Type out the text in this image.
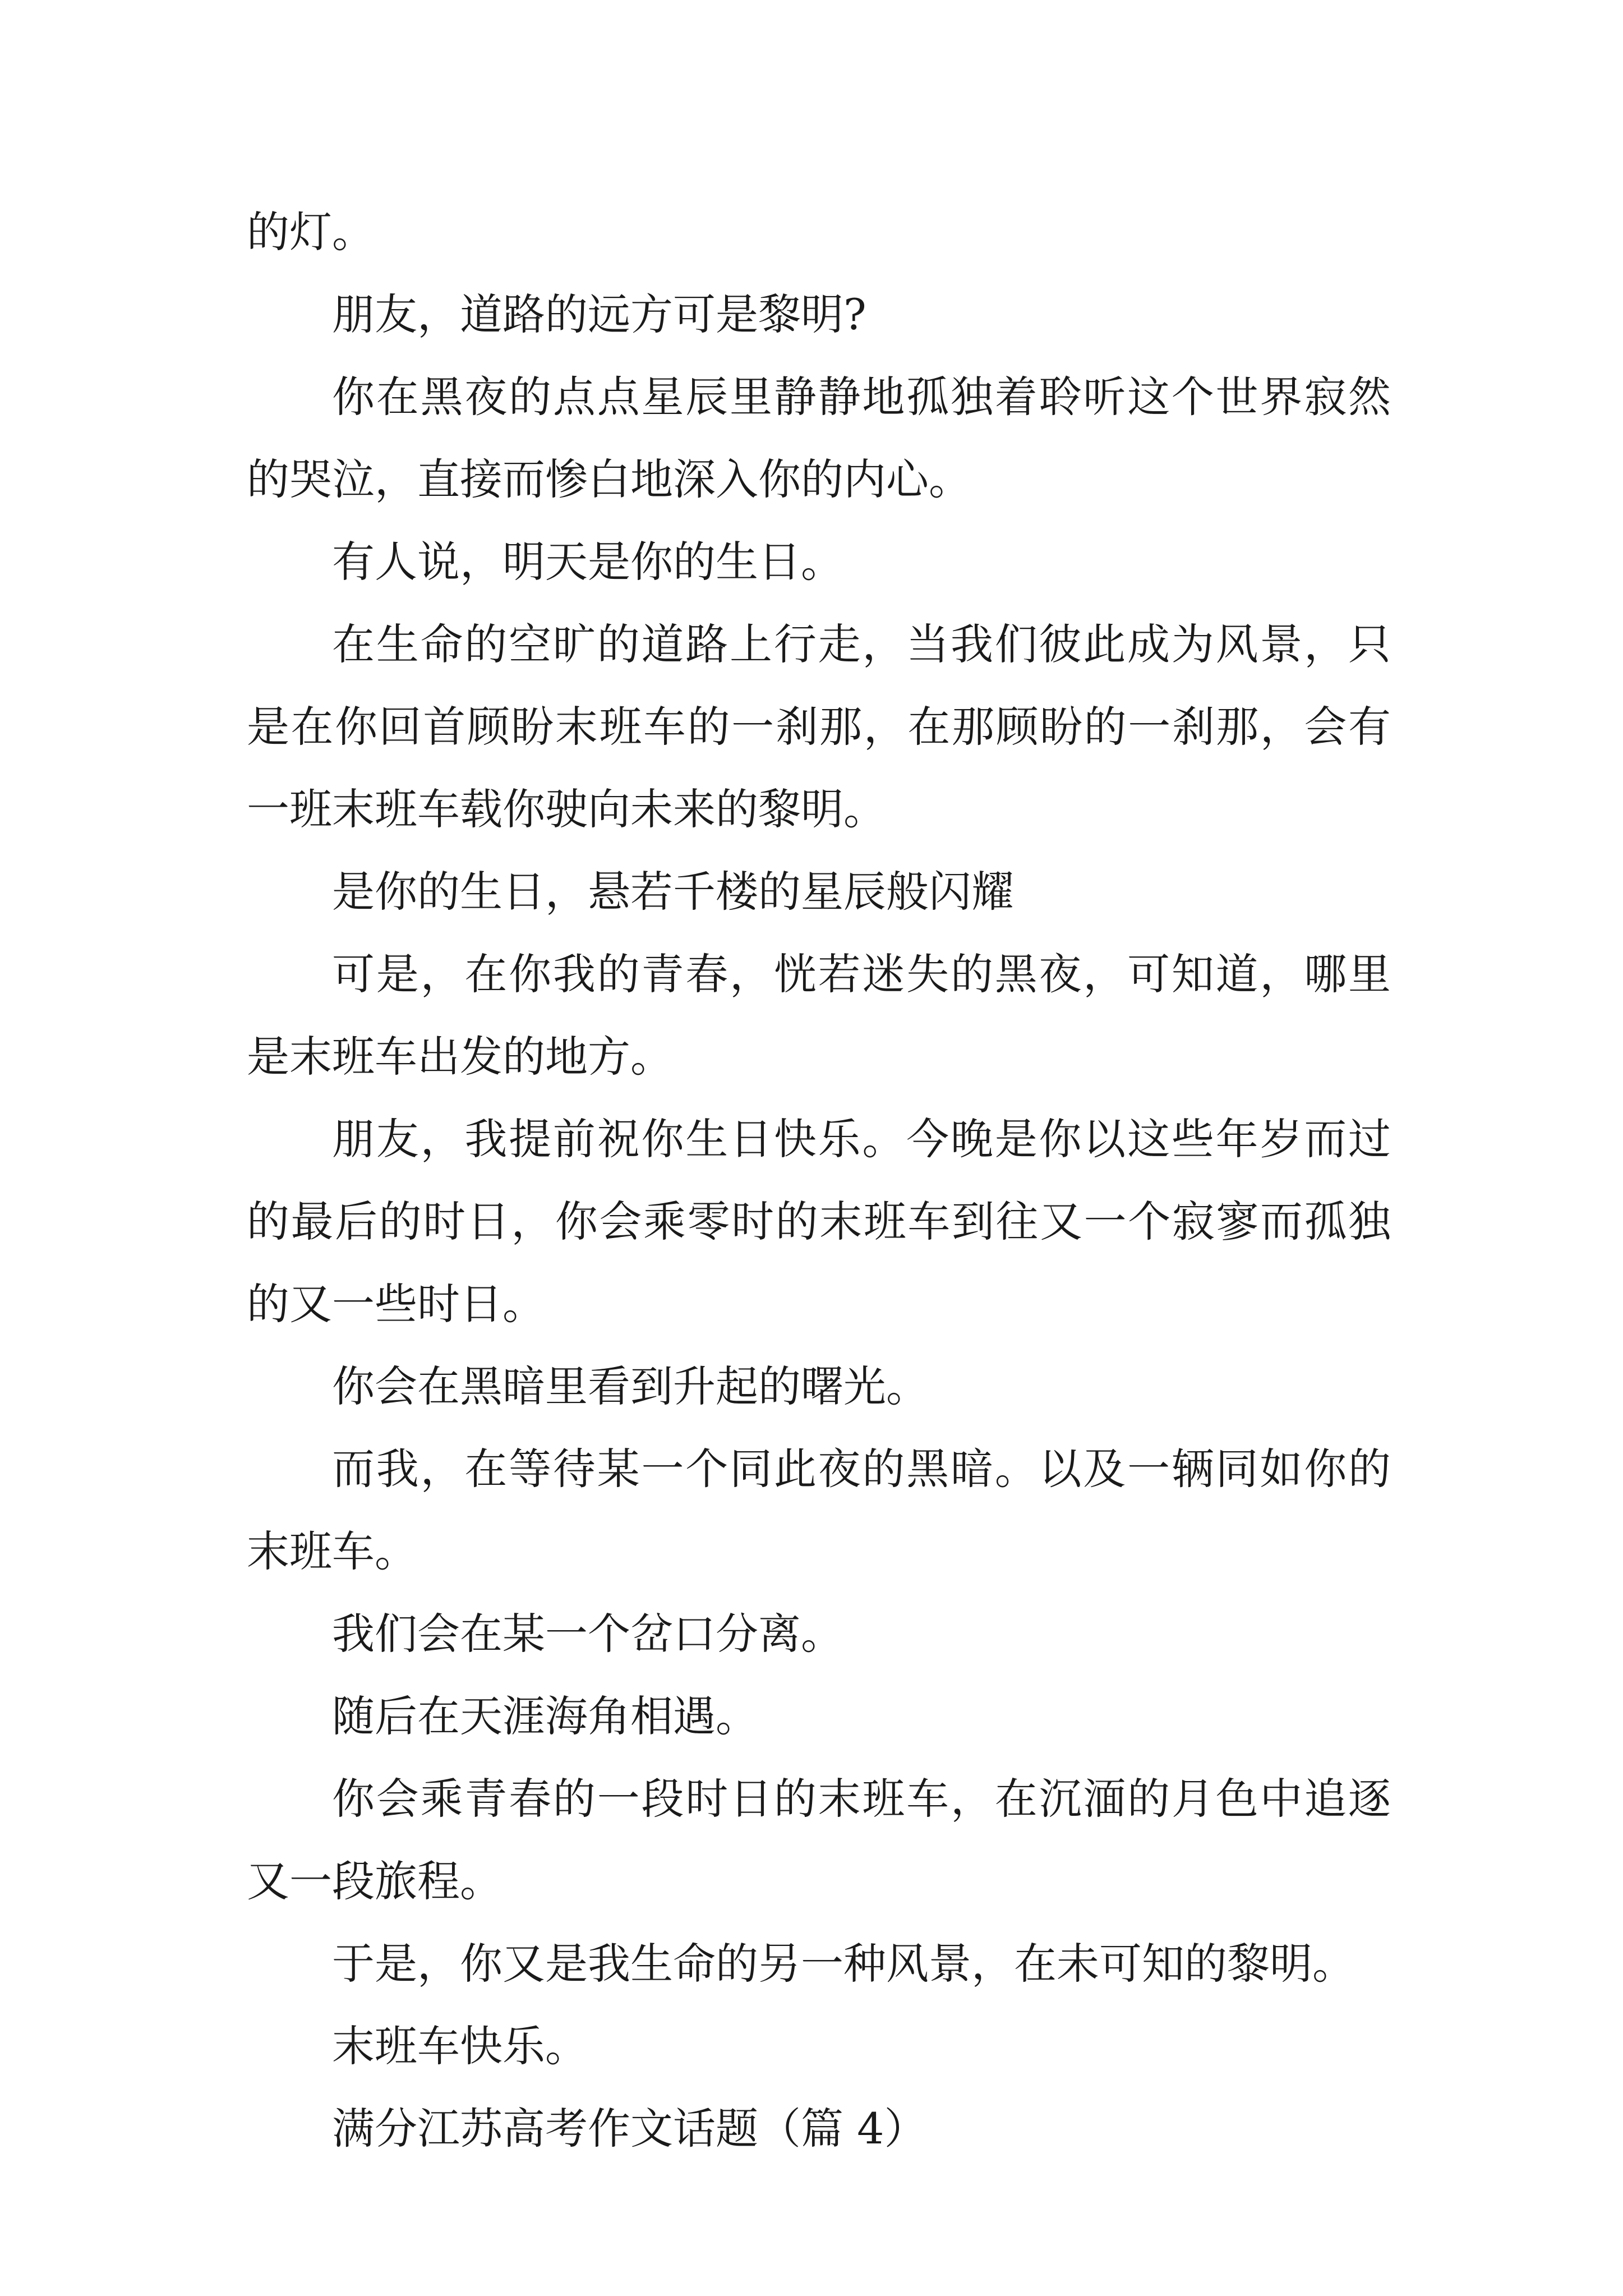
的灯。

朋友，道路的远方可是黎明?

你在黑夜的点点星辰里静静地孤独着聆听这个世界寂然的哭泣，直接而惨白地深入你的内心。

有人说，明天是你的生日。

在生命的空旷的道路上行走，当我们彼此成为风景，只是在你回首顾盼末班车的一刹那，在那顾盼的一刹那，会有一班末班车载你驶向未来的黎明。

是你的生日，悬若千楼的星辰般闪耀

可是，在你我的青春，恍若迷失的黑夜，可知道，哪里是末班车出发的地方。

朋友，我提前祝你生日快乐。今晚是你以这些年岁而过的最后的时日，你会乘零时的末班车到往又一个寂寥而孤独的又一些时日。

你会在黑暗里看到升起的曙光。

而我，在等待某一个同此夜的黑暗。以及一辆同如你的末班车。

我们会在某一个岔口分离。

随后在天涯海角相遇。

你会乘青春的一段时日的末班车，在沉湎的月色中追逐又一段旅程。

于是，你又是我生命的另一种风景，在未可知的黎明。

末班车快乐。

满分江苏高考作文话题（篇 4）
